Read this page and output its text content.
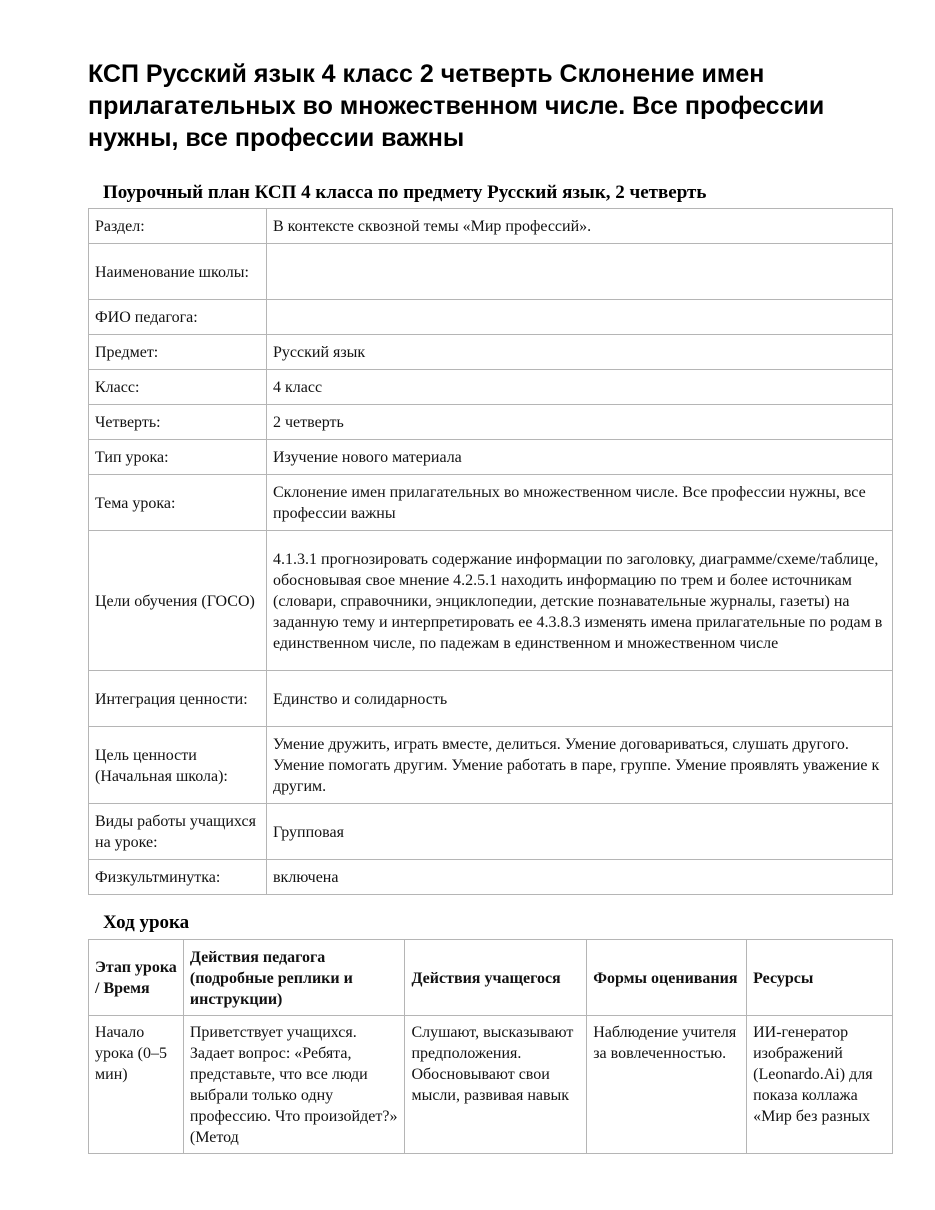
КСП Русский язык 4 класс 2 четверть Склонение имен прилагательных во множественном числе. Все профессии нужны, все профессии важны
Поурочный план КСП 4 класса по предмету Русский язык, 2 четверть
Раздел:	В контексте сквозной темы «Мир профессий».
Наименование школы:	
ФИО педагога:	
Предмет:	Русский язык
Класс:	4 класс
Четверть:	2 четверть
Тип урока:	Изучение нового материала
Тема урока:	Склонение имен прилагательных во множественном числе. Все профессии нужны, все профессии важны
Цели обучения (ГОСО)	4.1.3.1 прогнозировать содержание информации по заголовку, диаграмме/схеме/таблице, обосновывая свое мнение 4.2.5.1 находить информацию по трем и более источникам (словари, справочники, энциклопедии, детские познавательные журналы, газеты) на заданную тему и интерпретировать ее 4.3.8.3 изменять имена прилагательные по родам в единственном числе, по падежам в единственном и множественном числе
Интеграция ценности:	Единство и солидарность
Цель ценности (Начальная школа):	Умение дружить, играть вместе, делиться. Умение договариваться, слушать другого. Умение помогать другим. Умение работать в паре, группе. Умение проявлять уважение к другим.
Виды работы учащихся на уроке:	Групповая
Физкультминутка:	включена
Ход урока
Этап урока / Время	Действия педагога (подробные реплики и инструкции)	Действия учащегося	Формы оценивания	Ресурсы
Начало урока (0–5 мин)	Приветствует учащихся. Задает вопрос: «Ребята, представьте, что все люди выбрали только одну профессию. Что произойдет?» (Метод	Слушают, высказывают предположения. Обосновывают свои мысли, развивая навык	Наблюдение учителя за вовлеченностью.	ИИ-генератор изображений (Leonardo.Ai) для показа коллажа «Мир без разных
